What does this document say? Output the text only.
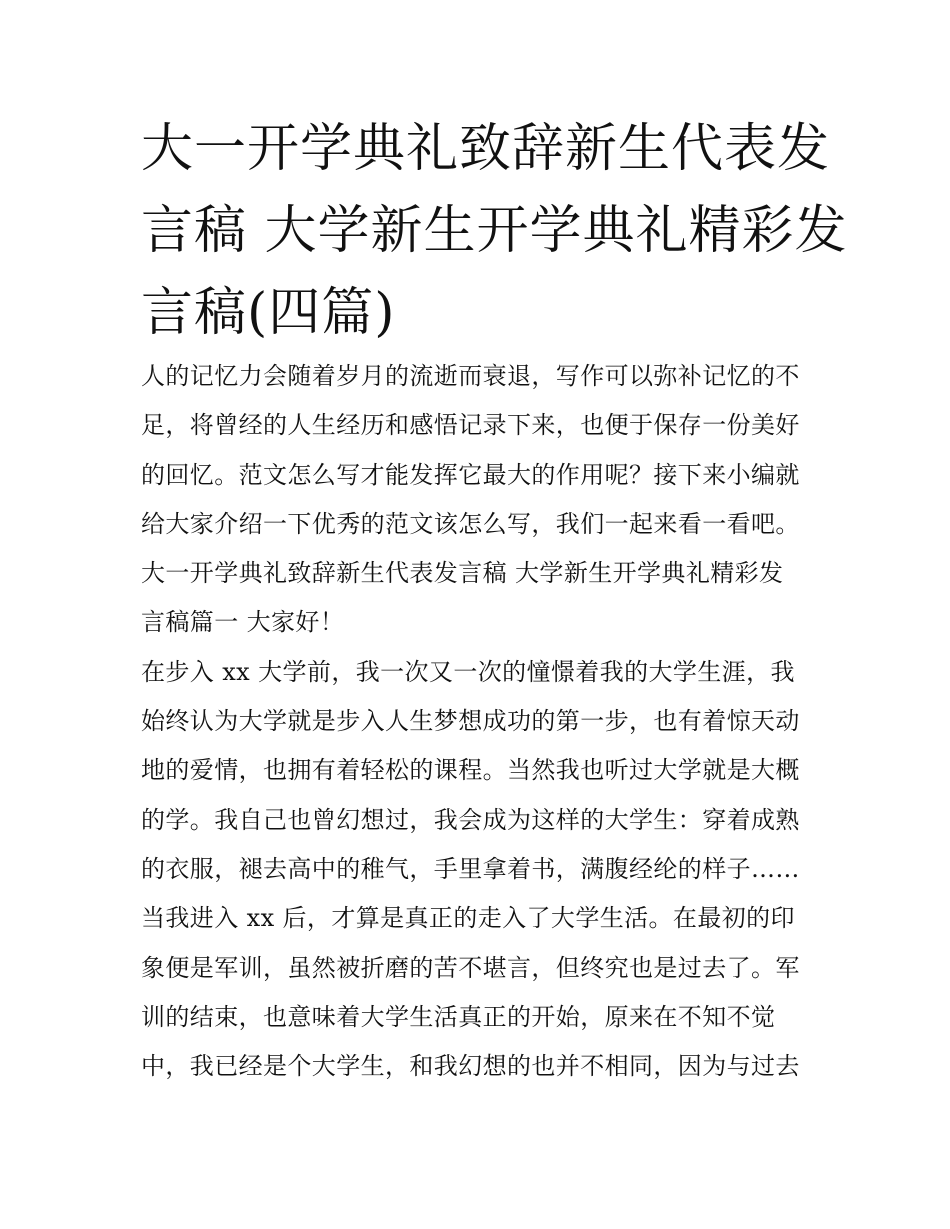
大一开学典礼致辞新生代表发
言稿 大学新生开学典礼精彩发
言稿(四篇)
人的记忆力会随着岁月的流逝而衰退，写作可以弥补记忆的不
足，将曾经的人生经历和感悟记录下来，也便于保存一份美好
的回忆。范文怎么写才能发挥它最大的作用呢？接下来小编就
给大家介绍一下优秀的范文该怎么写，我们一起来看一看吧。
大一开学典礼致辞新生代表发言稿 大学新生开学典礼精彩发
言稿篇一 大家好！
在步入 xx 大学前，我一次又一次的憧憬着我的大学生涯，我
始终认为大学就是步入人生梦想成功的第一步，也有着惊天动
地的爱情，也拥有着轻松的课程。当然我也听过大学就是大概
的学。我自己也曾幻想过，我会成为这样的大学生：穿着成熟
的衣服，褪去高中的稚气，手里拿着书，满腹经纶的样子……
当我进入 xx 后，才算是真正的走入了大学生活。在最初的印
象便是军训，虽然被折磨的苦不堪言，但终究也是过去了。军
训的结束，也意味着大学生活真正的开始，原来在不知不觉
中，我已经是个大学生，和我幻想的也并不相同，因为与过去
